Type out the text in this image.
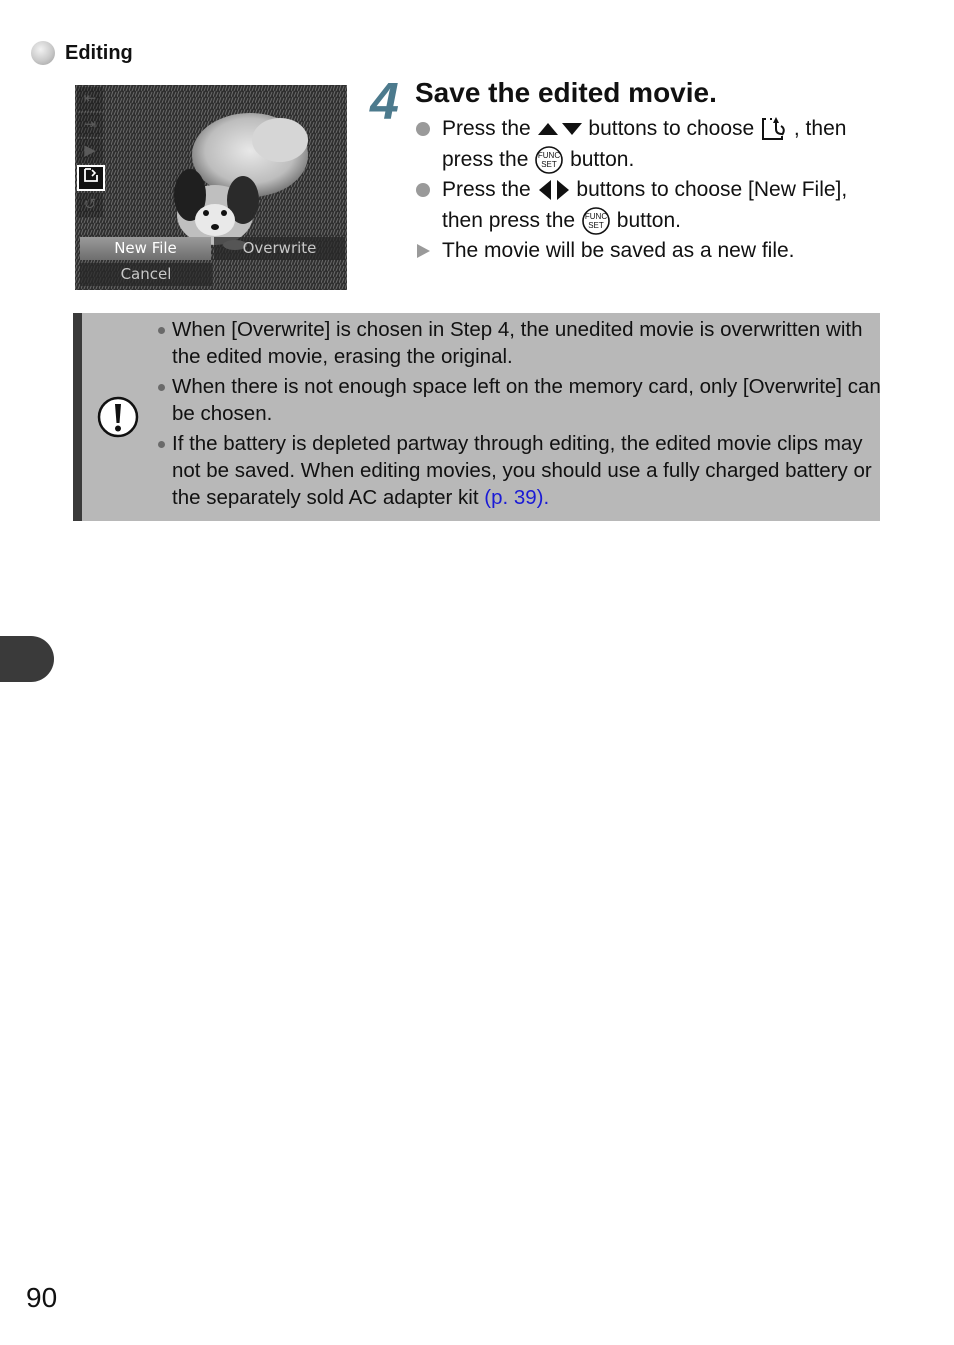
Editing
⇤
⇥
▶
↺
New File	Overwrite
Cancel
4 Save the edited movie.
Press the	buttons to choose , then press the FUNC
SET button.
Press the buttons to choose [New File], then press the FUNC
SET button.
The movie will be saved as a new file.
When [Overwrite] is chosen in Step 4, the unedited movie is overwritten with the edited movie, erasing the original.
When there is not enough space left on the memory card, only [Overwrite] can be chosen.
If the battery is depleted partway through editing, the edited movie clips may not be saved. When editing movies, you should use a fully charged battery or the separately sold AC adapter kit (p. 39).
90
